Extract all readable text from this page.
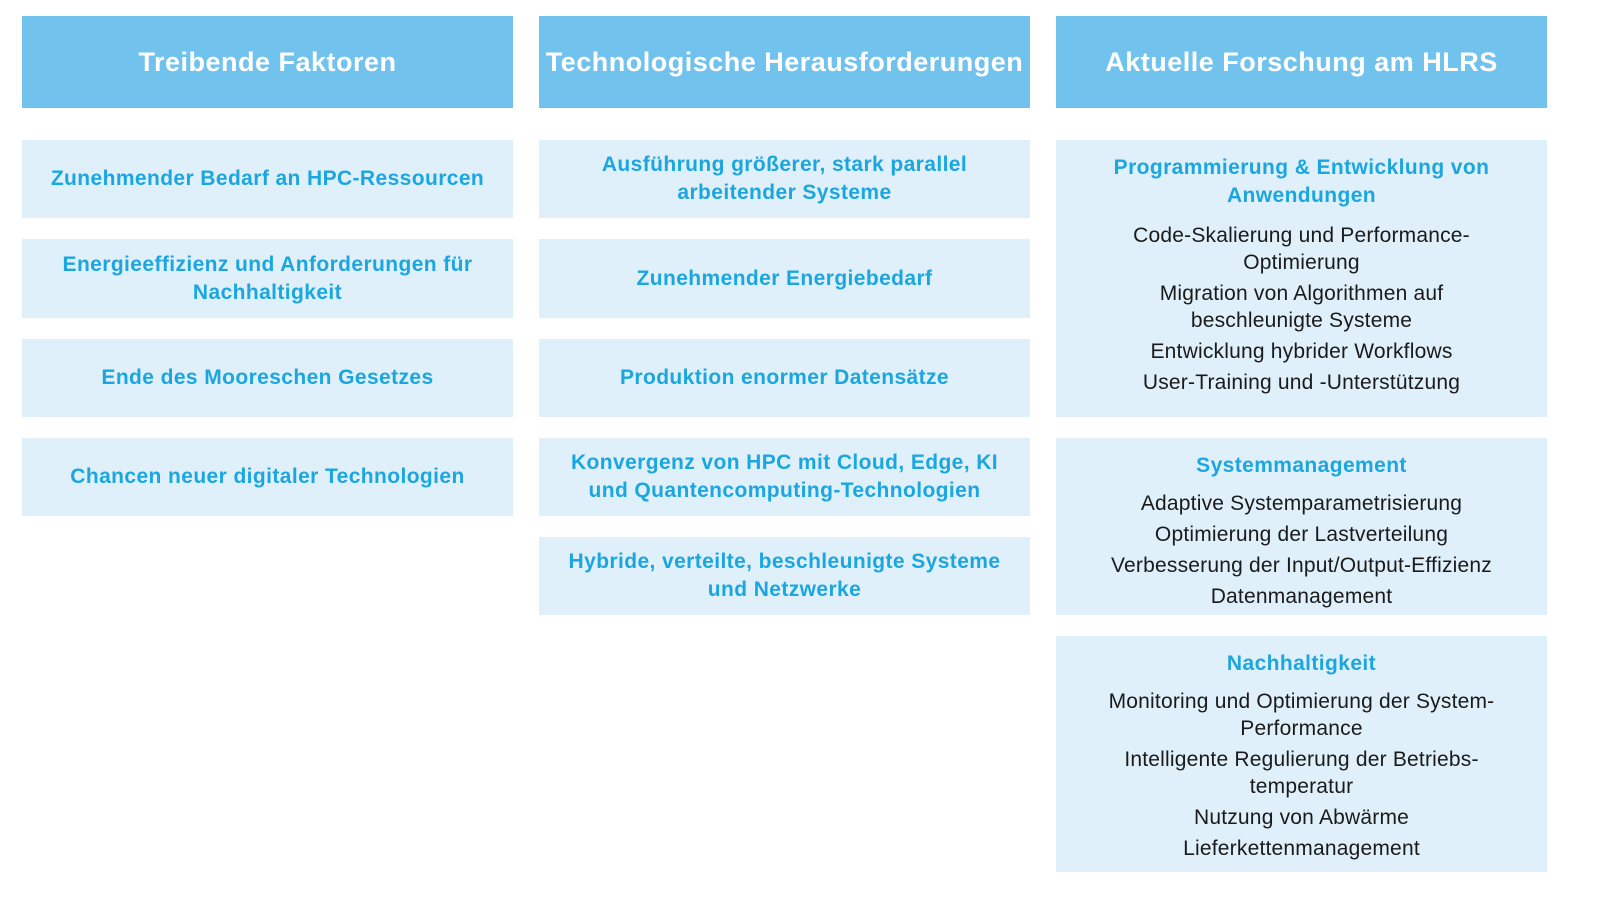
Treibende Faktoren	Technologische Herausforderungen	Aktuelle Forschung am HLRS
Zunehmender Bedarf an HPC-Ressourcen
Energieeffizienz und Anforderungen für Nachhaltigkeit
Ende des Mooreschen Gesetzes
Chancen neuer digitaler Technologien
Ausführung größerer, stark parallel arbeitender Systeme
Zunehmender Energiebedarf
Produktion enormer Datensätze
Konvergenz von HPC mit Cloud, Edge, KI und Quantencomputing-Technologien
Hybride, verteilte, beschleunigte Systeme und Netzwerke
Programmierung & Entwicklung von Anwendungen
Code-Skalierung und Performance-Optimierung
Migration von Algorithmen auf beschleunigte Systeme
Entwicklung hybrider Workflows
User-Training und -Unterstützung
Systemmanagement
Adaptive Systemparametrisierung
Optimierung der Lastverteilung
Verbesserung der Input/Output-Effizienz
Datenmanagement
Nachhaltigkeit
Monitoring und Optimierung der System-Performance
Intelligente Regulierung der Betriebs-temperatur
Nutzung von Abwärme
Lieferkettenmanagement
